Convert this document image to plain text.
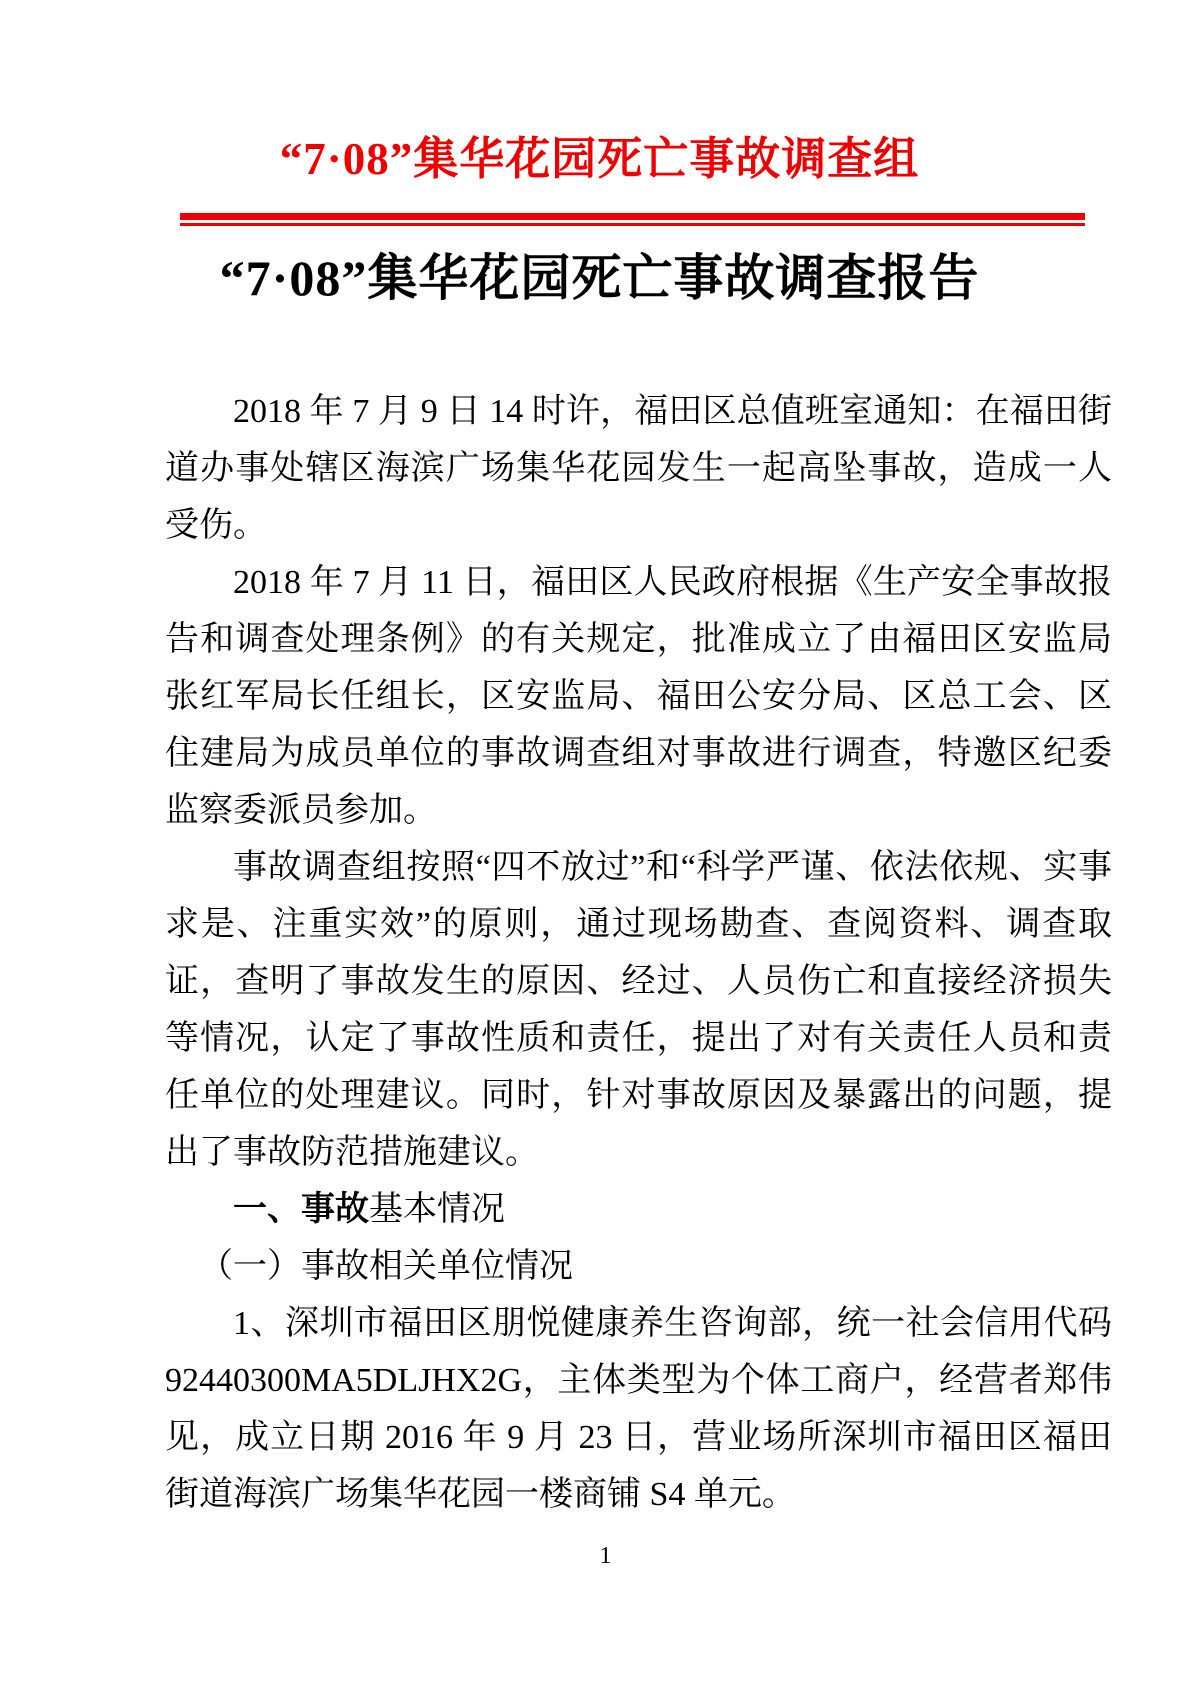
“7·08”集华花园死亡事故调查组
“7·08”集华花园死亡事故调查报告

2018 年 7 月 9 日 14 时许，福田区总值班室通知：在福田街道办事处辖区海滨广场集华花园发生一起高坠事故，造成一人受伤。

2018 年 7 月 11 日，福田区人民政府根据《生产安全事故报告和调查处理条例》的有关规定，批准成立了由福田区安监局张红军局长任组长，区安监局、福田公安分局、区总工会、区住建局为成员单位的事故调查组对事故进行调查，特邀区纪委监察委派员参加。

事故调查组按照“四不放过”和“科学严谨、依法依规、实事求是、注重实效”的原则，通过现场勘查、查阅资料、调查取证，查明了事故发生的原因、经过、人员伤亡和直接经济损失等情况，认定了事故性质和责任，提出了对有关责任人员和责任单位的处理建议。同时，针对事故原因及暴露出的问题，提出了事故防范措施建议。

一、事故基本情况

（一）事故相关单位情况

1、深圳市福田区朋悦健康养生咨询部，统一社会信用代码 92440300MA5DLJHX2G，主体类型为个体工商户，经营者郑伟见，成立日期 2016 年 9 月 23 日，营业场所深圳市福田区福田街道海滨广场集华花园一楼商铺 S4 单元。

1
